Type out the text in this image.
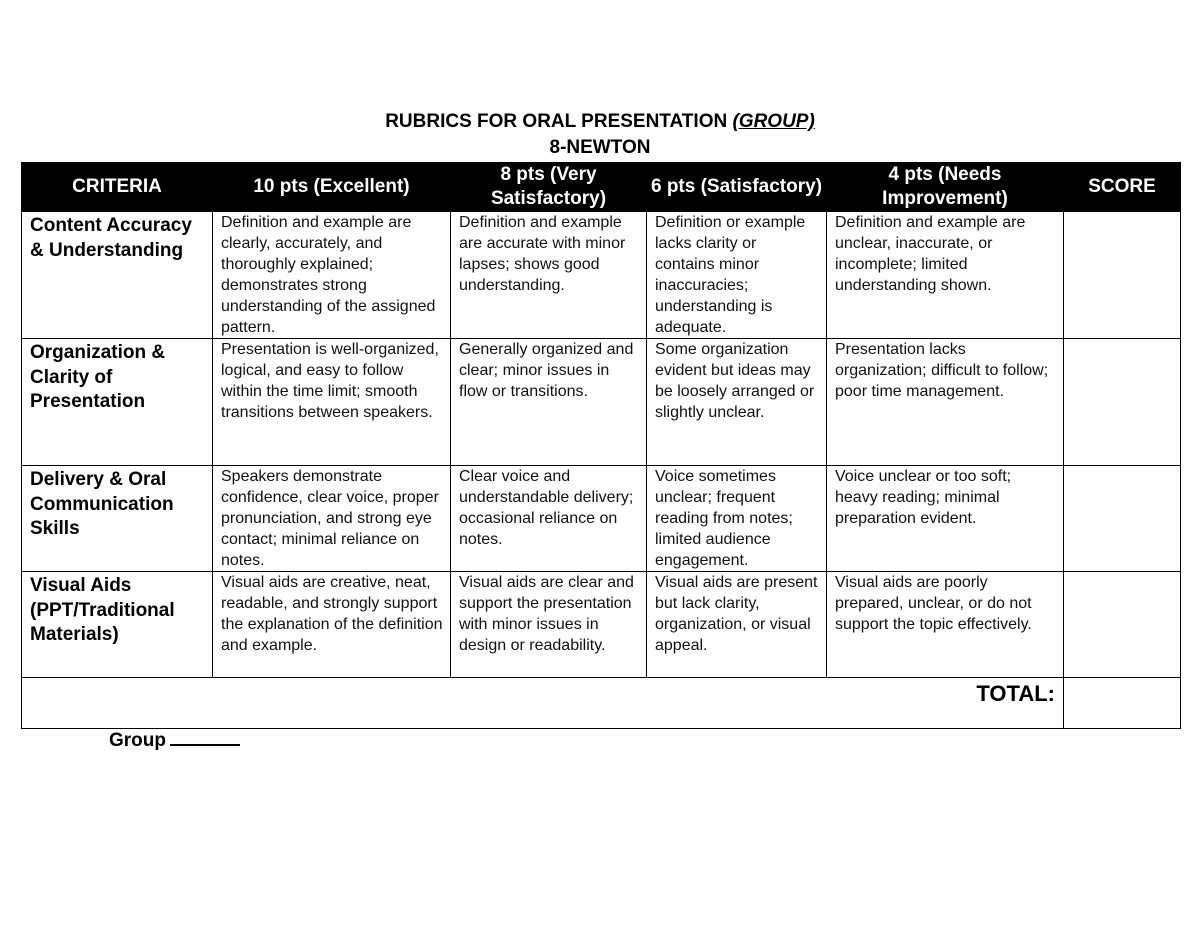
RUBRICS FOR ORAL PRESENTATION (GROUP)
8-NEWTON
CRITERIA	10 pts (Excellent)	8 pts (Very Satisfactory)	6 pts (Satisfactory)	4 pts (Needs Improvement)	SCORE
Content Accuracy & Understanding	Definition and example are clearly, accurately, and thoroughly explained; demonstrates strong understanding of the assigned pattern.	Definition and example are accurate with minor lapses; shows good understanding.	Definition or example lacks clarity or contains minor inaccuracies; understanding is adequate.	Definition and example are unclear, inaccurate, or incomplete; limited understanding shown.	
Organization & Clarity of Presentation	Presentation is well-organized, logical, and easy to follow within the time limit; smooth transitions between speakers.	Generally organized and clear; minor issues in flow or transitions.	Some organization evident but ideas may be loosely arranged or slightly unclear.	Presentation lacks organization; difficult to follow; poor time management.	
Delivery & Oral Communication Skills	Speakers demonstrate confidence, clear voice, proper pronunciation, and strong eye contact; minimal reliance on notes.	Clear voice and understandable delivery; occasional reliance on notes.	Voice sometimes unclear; frequent reading from notes; limited audience engagement.	Voice unclear or too soft; heavy reading; minimal preparation evident.	
Visual Aids (PPT/Traditional Materials)	Visual aids are creative, neat, readable, and strongly support the explanation of the definition and example.	Visual aids are clear and support the presentation with minor issues in design or readability.	Visual aids are present but lack clarity, organization, or visual appeal.	Visual aids are poorly prepared, unclear, or do not support the topic effectively.	
TOTAL:					
Group
